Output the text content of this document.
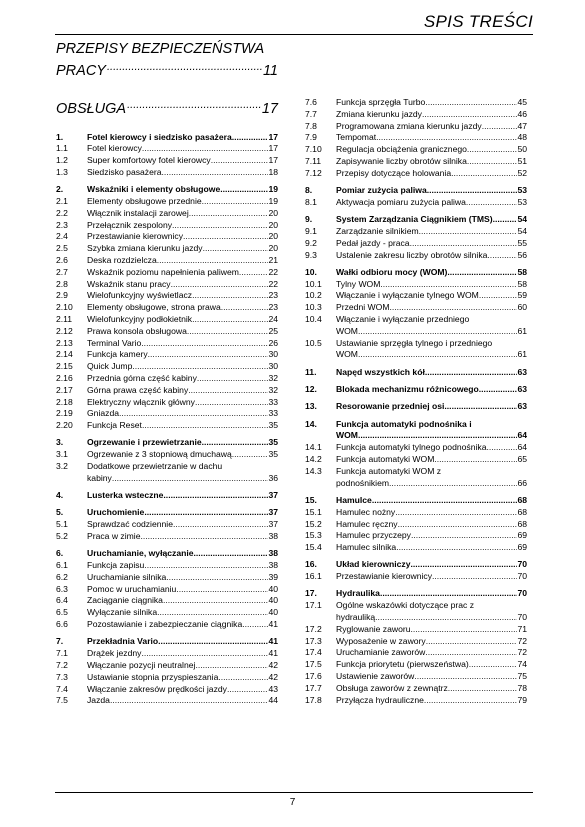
SPIS TREŚCI
PRZEPISY BEZPIECZEŃSTWA
PRACY .....	11
OBSŁUGA .....	17
1.	Fotel kierowcy i siedzisko pasażera .....	17
1.1	Fotel kierowcy .....	17
1.2	Super komfortowy fotel kierowcy .....	17
1.3	Siedzisko pasażera .....	18
2.	Wskaźniki i elementy obsługowe .....	19
2.1	Elementy obsługowe przednie .....	19
2.2	Włącznik instalacji zarowej .....	20
2.3	Przełącznik zespolony .....	20
2.4	Przestawianie kierownicy .....	20
2.5	Szybka zmiana kierunku jazdy .....	20
2.6	Deska rozdzielcza .....	21
2.7	Wskaźnik poziomu napełnienia paliwem .....	22
2.8	Wskaźnik stanu pracy .....	22
2.9	Wielofunkcyjny wyświetlacz .....	23
2.10	Elementy obsługowe, strona prawa .....	23
2.11	Wielofunkcyjny podłokietnik .....	24
2.12	Prawa konsola obsługowa .....	25
2.13	Terminal Vario .....	26
2.14	Funkcja kamery .....	30
2.15	Quick Jump .....	30
2.16	Przednia górna część kabiny .....	32
2.17	Górna prawa część kabiny .....	32
2.18	Elektryczny włącznik główny .....	33
2.19	Gniazda .....	33
2.20	Funkcja Reset .....	35
3.	Ogrzewanie i przewietrzanie .....	35
3.1	Ogrzewanie z 3 stopniową dmuchawą .....	35
3.2	Dodatkowe przewietrzanie w dachu
kabiny .....	36
4.	Lusterka wsteczne .....	37
5.	Uruchomienie .....	37
5.1	Sprawdzać codziennie .....	37
5.2	Praca w zimie .....	38
6.	Uruchamianie, wyłączanie .....	38
6.1	Funkcja zapisu .....	38
6.2	Uruchamianie silnika .....	39
6.3	Pomoc w uruchamianiu .....	40
6.4	Zaciąganie ciągnika .....	40
6.5	Wyłączanie silnika .....	40
6.6	Pozostawianie i zabezpieczanie ciągnika .....	41
7.	Przekładnia Vario .....	41
7.1	Drążek jezdny .....	41
7.2	Włączanie pozycji neutralnej .....	42
7.3	Ustawianie stopnia przyspieszania .....	42
7.4	Włączanie zakresów prędkości jazdy .....	43
7.5	Jazda .....	44
7.6	Funkcja sprzęgła Turbo .....	45
7.7	Zmiana kierunku jazdy .....	46
7.8	Programowana zmiana kierunku jazdy .....	47
7.9	Tempomat .....	48
7.10	Regulacja obciążenia granicznego .....	50
7.11	Zapisywanie liczby obrotów silnika .....	51
7.12	Przepisy dotyczące holowania .....	52
8.	Pomiar zużycia paliwa .....	53
8.1	Aktywacja pomiaru zużycia paliwa .....	53
9.	System Zarządzania Ciągnikiem (TMS) .....	54
9.1	Zarządzanie silnikiem .....	54
9.2	Pedał jazdy - praca .....	55
9.3	Ustalenie zakresu liczby obrotów silnika .....	56
10.	Wałki odbioru mocy (WOM) .....	58
10.1	Tylny WOM .....	58
10.2	Włączanie i wyłączanie tylnego WOM .....	59
10.3	Przedni WOM .....	60
10.4	Włączanie i wyłączanie przedniego
WOM .....	61
10.5	Ustawianie sprzęgła tylnego i przedniego
WOM .....	61
11.	Napęd wszystkich kół .....	63
12.	Blokada mechanizmu różnicowego .....	63
13.	Resorowanie przedniej osi .....	63
14.	Funkcja automatyki podnośnika i
WOM .....	64
14.1	Funkcja automatyki tylnego podnośnika .....	64
14.2	Funkcja automatyki WOM .....	65
14.3	Funkcja automatyki WOM z
podnośnikiem .....	66
15.	Hamulce .....	68
15.1	Hamulec nożny .....	68
15.2	Hamulec ręczny .....	68
15.3	Hamulec przyczepy .....	69
15.4	Hamulec silnika .....	69
16.	Układ kierowniczy .....	70
16.1	Przestawianie kierownicy .....	70
17.	Hydraulika .....	70
17.1	Ogólne wskazówki dotyczące prac z
hydrauliką .....	70
17.2	Ryglowanie zaworu .....	71
17.3	Wyposażenie w zawory .....	72
17.4	Uruchamianie zaworów .....	72
17.5	Funkcja priorytetu (pierwszeństwa) .....	74
17.6	Ustawienie zaworów .....	75
17.7	Obsługa zaworów z zewnątrz .....	78
17.8	Przyłącza hydrauliczne .....	79
7
